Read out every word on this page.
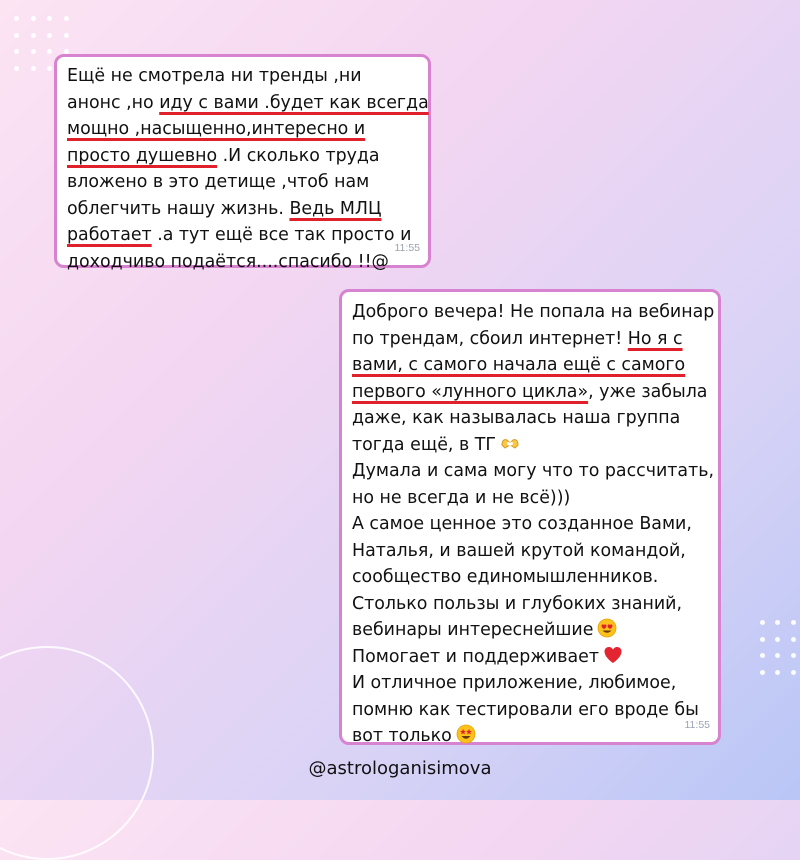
Ещё не смотрела ни тренды ,ни
анонс ,но иду с вами .будет как всегда
мощно ,насыщенно,интересно и
просто душевно .И сколько труда
вложено в это детище ,чтоб нам
облегчить нашу жизнь. Ведь МЛЦ
работает .а тут ещё все так просто и
доходчиво подаётся....спасибо !!@
11:55
Доброго вечера! Не попала на вебинар
по трендам, сбоил интернет! Но я с
вами, с самого начала ещё с самого
первого «лунного цикла», уже забыла
даже, как называлась наша группа
тогда ещё, в ТГ
Думала и сама могу что то рассчитать,
но не всегда и не всё)))
А самое ценное это созданное Вами,
Наталья, и вашей крутой командой,
сообщество единомышленников.
Столько пользы и глубоких знаний,
вебинары интереснейшие
Помогает и поддерживает
И отличное приложение, любимое,
помню как тестировали его вроде бы
вот только
11:55
@astrologanisimova
